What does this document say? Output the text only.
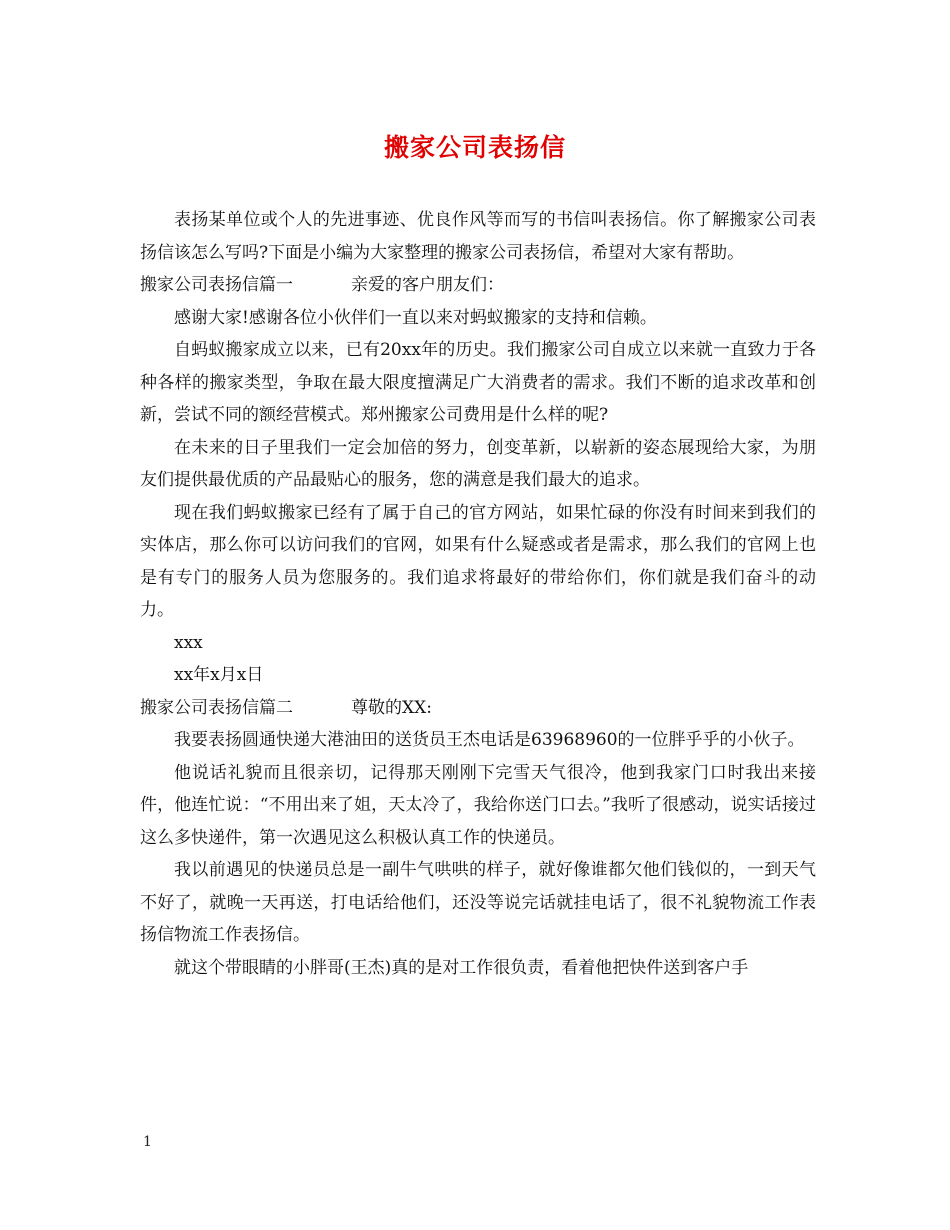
搬家公司表扬信

表扬某单位或个人的先进事迹、优良作风等而写的书信叫表扬信。你了解搬家公司表扬信该怎么写吗?下面是小编为大家整理的搬家公司表扬信，希望对大家有帮助。

搬家公司表扬信篇一	亲爱的客户朋友们：

感谢大家!感谢各位小伙伴们一直以来对蚂蚁搬家的支持和信赖。

自蚂蚁搬家成立以来，已有20xx年的历史。我们搬家公司自成立以来就一直致力于各种各样的搬家类型，争取在最大限度擅满足广大消费者的需求。我们不断的追求改革和创新，尝试不同的额经营模式。郑州搬家公司费用是什么样的呢?

在未来的日子里我们一定会加倍的努力，创变革新，以崭新的姿态展现给大家，为朋友们提供最优质的产品最贴心的服务，您的满意是我们最大的追求。

现在我们蚂蚁搬家已经有了属于自己的官方网站，如果忙碌的你没有时间来到我们的实体店，那么你可以访问我们的官网，如果有什么疑惑或者是需求，那么我们的官网上也是有专门的服务人员为您服务的。我们追求将最好的带给你们，你们就是我们奋斗的动力。

xxx

xx年x月x日

搬家公司表扬信篇二	尊敬的XX:

我要表扬圆通快递大港油田的送货员王杰电话是63968960的一位胖乎乎的小伙子。

他说话礼貌而且很亲切，记得那天刚刚下完雪天气很冷，他到我家门口时我出来接件，他连忙说：“不用出来了姐，天太冷了，我给你送门口去。”我听了很感动，说实话接过这么多快递件，第一次遇见这么积极认真工作的快递员。

我以前遇见的快递员总是一副牛气哄哄的样子，就好像谁都欠他们钱似的，一到天气不好了，就晚一天再送，打电话给他们，还没等说完话就挂电话了，很不礼貌物流工作表扬信物流工作表扬信。

就这个带眼睛的小胖哥(王杰)真的是对工作很负责，看着他把快件送到客户手

1
